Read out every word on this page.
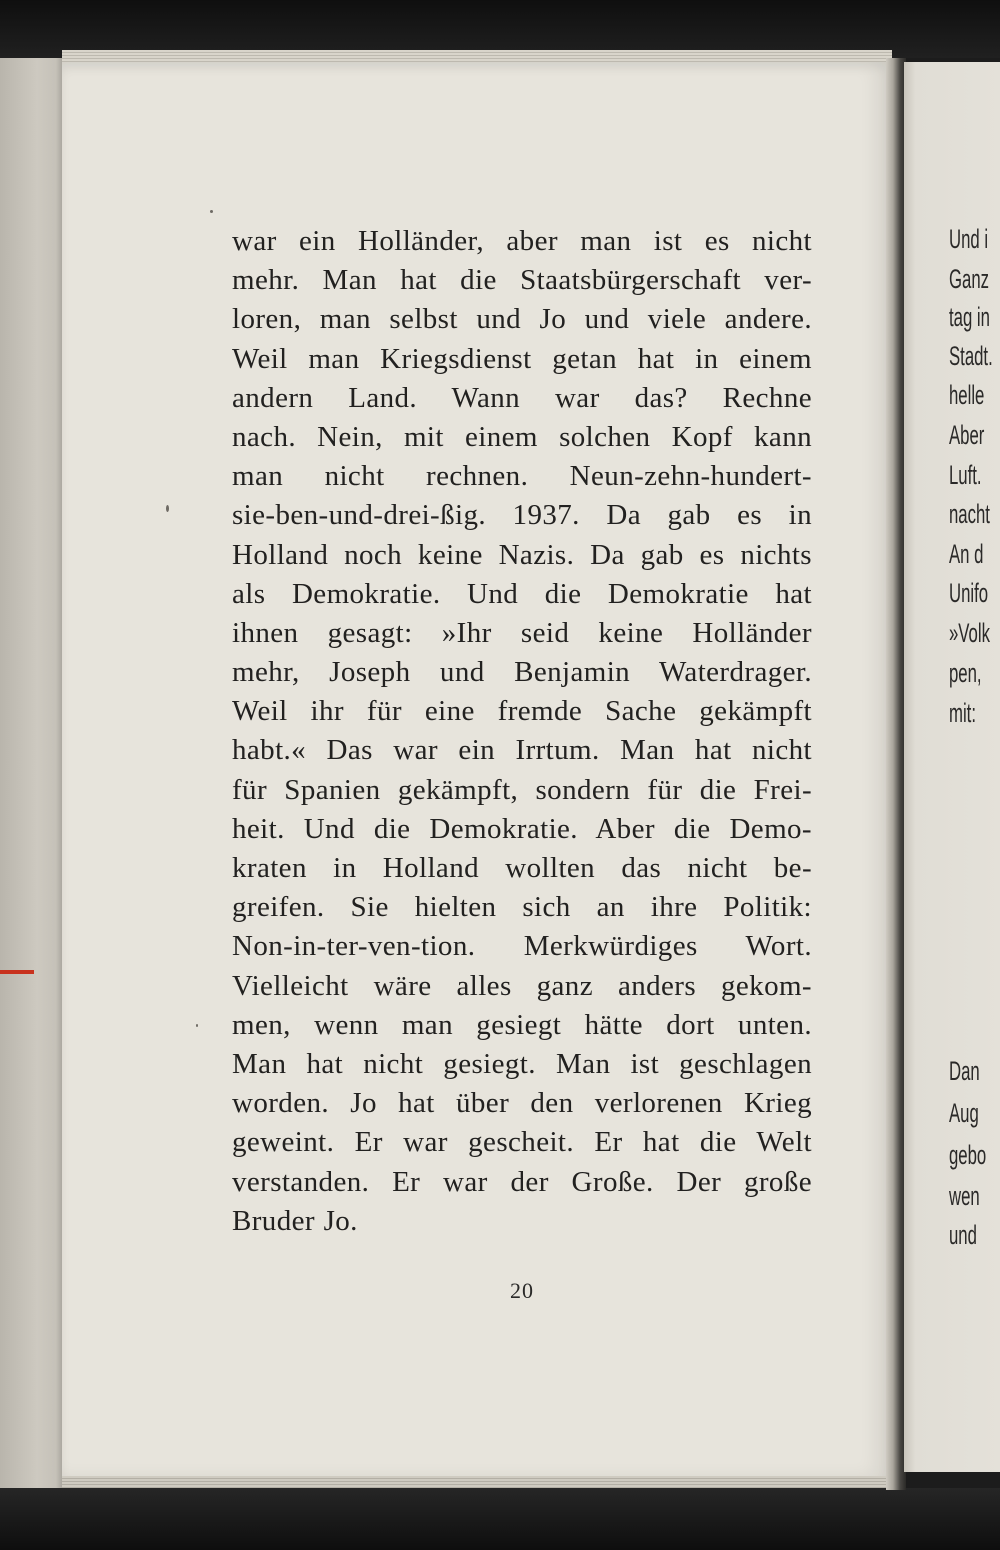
war ein Holländer, aber man ist es nicht
mehr. Man hat die Staatsbürgerschaft ver-
loren, man selbst und Jo und viele andere.
Weil man Kriegsdienst getan hat in einem
andern Land. Wann war das? Rechne
nach. Nein, mit einem solchen Kopf kann
man nicht rechnen. Neun-zehn-hundert-
sie-ben-und-drei-ßig. 1937. Da gab es in
Holland noch keine Nazis. Da gab es nichts
als Demokratie. Und die Demokratie hat
ihnen gesagt: »Ihr seid keine Holländer
mehr, Joseph und Benjamin Waterdrager.
Weil ihr für eine fremde Sache gekämpft
habt.« Das war ein Irrtum. Man hat nicht
für Spanien gekämpft, sondern für die Frei-
heit. Und die Demokratie. Aber die Demo-
kraten in Holland wollten das nicht be-
greifen. Sie hielten sich an ihre Politik:
Non-in-ter-ven-tion. Merkwürdiges Wort.
Vielleicht wäre alles ganz anders gekom-
men, wenn man gesiegt hätte dort unten.
Man hat nicht gesiegt. Man ist geschlagen
worden. Jo hat über den verlorenen Krieg
geweint. Er war gescheit. Er hat die Welt
verstanden. Er war der Große. Der große
Bruder Jo.
20
Und i
Ganz
tag in
Stadt.
helle
Aber
Luft.
nacht
An d
Unifo
»Volk
pen,
mit:
Dan
Aug
gebo
wen
und
